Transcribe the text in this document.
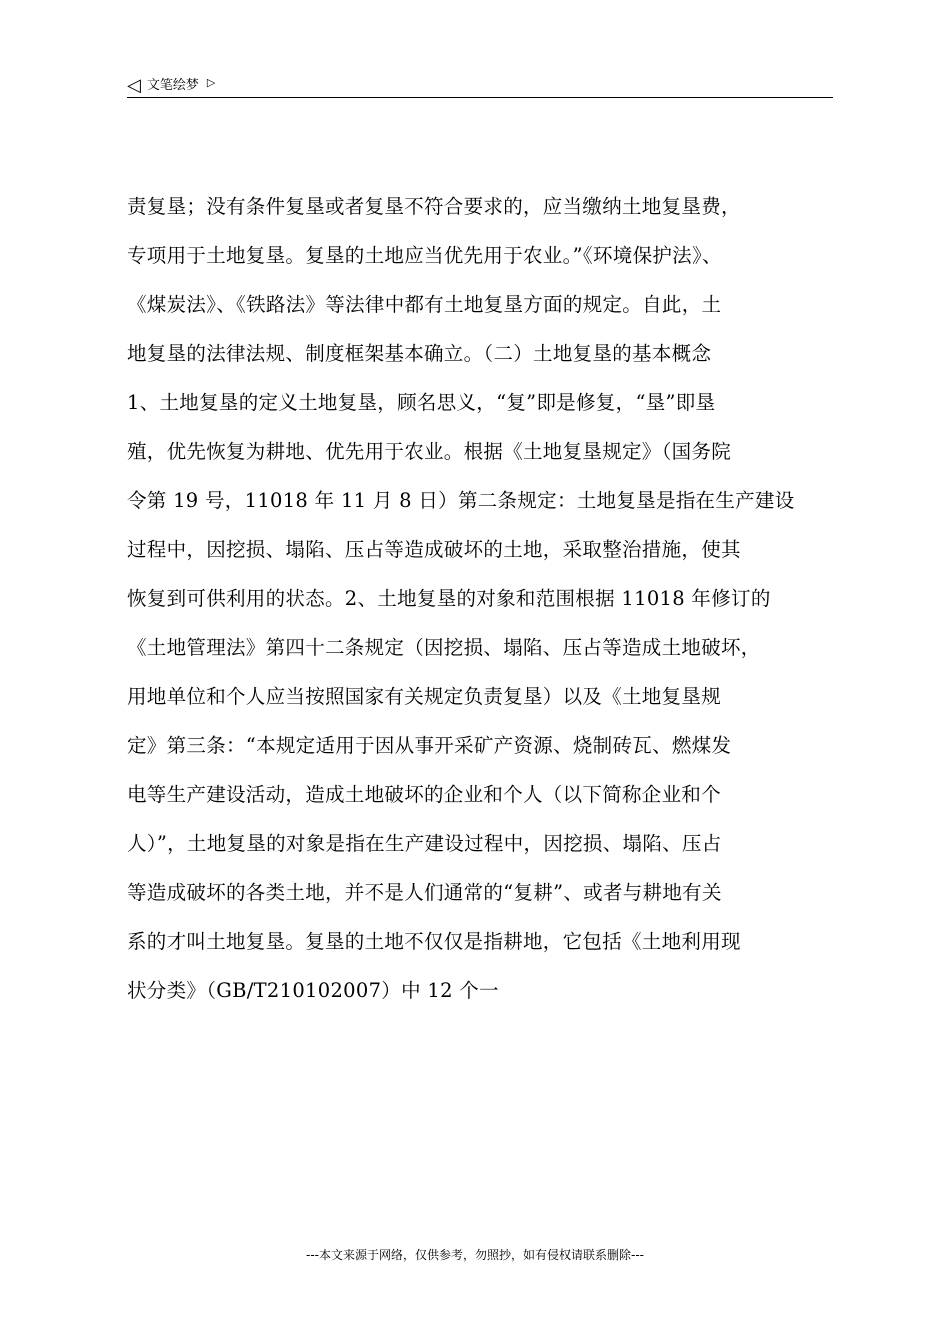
◁ 文笔绘梦 ▷
责复垦；没有条件复垦或者复垦不符合要求的，应当缴纳土地复垦费，
专项用于土地复垦。复垦的土地应当优先用于农业。”《环境保护法》、
《煤炭法》、《铁路法》等法律中都有土地复垦方面的规定。自此，土
地复垦的法律法规、制度框架基本确立。（二）土地复垦的基本概念
1、土地复垦的定义土地复垦，顾名思义，“复”即是修复，“垦”即垦
殖，优先恢复为耕地、优先用于农业。根据《土地复垦规定》（国务院
令第 19 号，11018 年 11 月 8 日）第二条规定：土地复垦是指在生产建设
过程中，因挖损、塌陷、压占等造成破坏的土地，采取整治措施，使其
恢复到可供利用的状态。2、土地复垦的对象和范围根据 11018 年修订的
《土地管理法》第四十二条规定（因挖损、塌陷、压占等造成土地破坏，
用地单位和个人应当按照国家有关规定负责复垦）以及《土地复垦规
定》第三条：“本规定适用于因从事开采矿产资源、烧制砖瓦、燃煤发
电等生产建设活动，造成土地破坏的企业和个人（以下简称企业和个
人）”，土地复垦的对象是指在生产建设过程中，因挖损、塌陷、压占
等造成破坏的各类土地，并不是人们通常的“复耕”、或者与耕地有关
系的才叫土地复垦。复垦的土地不仅仅是指耕地，它包括《土地利用现
状分类》（GB/T210102007）中 12 个一
---本文来源于网络，仅供参考，勿照抄，如有侵权请联系删除---
